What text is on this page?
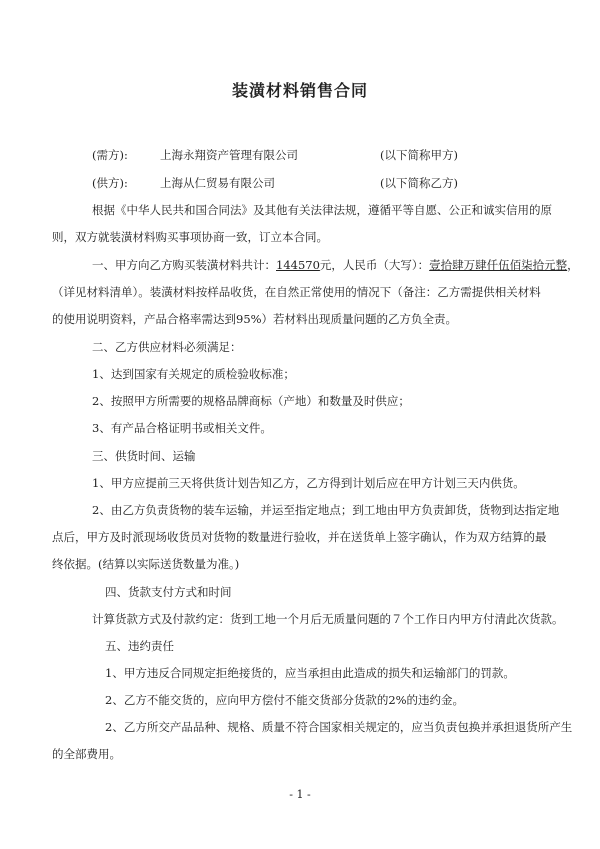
装潢材料销售合同
(需方):	上海永翔资产管理有限公司	(以下简称甲方)
(供方):	上海从仁贸易有限公司	(以下简称乙方)
根据《中华人民共和国合同法》及其他有关法律法规，遵循平等自愿、公正和诚实信用的原
则，双方就装潢材料购买事项协商一致，订立本合同。
一、甲方向乙方购买装潢材料共计：144570元，人民币（大写）：壹拾肆万肆仟伍佰柒拾元整，
（详见材料清单）。装潢材料按样品收货，在自然正常使用的情况下（备注：乙方需提供相关材料
的使用说明资料，产品合格率需达到95%）若材料出现质量问题的乙方负全责。
二、乙方供应材料必须满足：
1、达到国家有关规定的质检验收标准；
2、按照甲方所需要的规格品牌商标（产地）和数量及时供应；
3、有产品合格证明书或相关文件。
三、供货时间、运输
1、甲方应提前三天将供货计划告知乙方，乙方得到计划后应在甲方计划三天内供货。
2、由乙方负责货物的装车运输，并运至指定地点；到工地由甲方负责卸货，货物到达指定地
点后，甲方及时派现场收货员对货物的数量进行验收，并在送货单上签字确认，作为双方结算的最
终依据。(结算以实际送货数量为准。)
四、货款支付方式和时间
计算货款方式及付款约定：货到工地一个月后无质量问题的７个工作日内甲方付清此次货款。
五、违约责任
1、甲方违反合同规定拒绝接货的，应当承担由此造成的损失和运输部门的罚款。
2、乙方不能交货的，应向甲方偿付不能交货部分货款的2%的违约金。
2、乙方所交产品品种、规格、质量不符合国家相关规定的，应当负责包换并承担退货所产生
的全部费用。
- 1 -
